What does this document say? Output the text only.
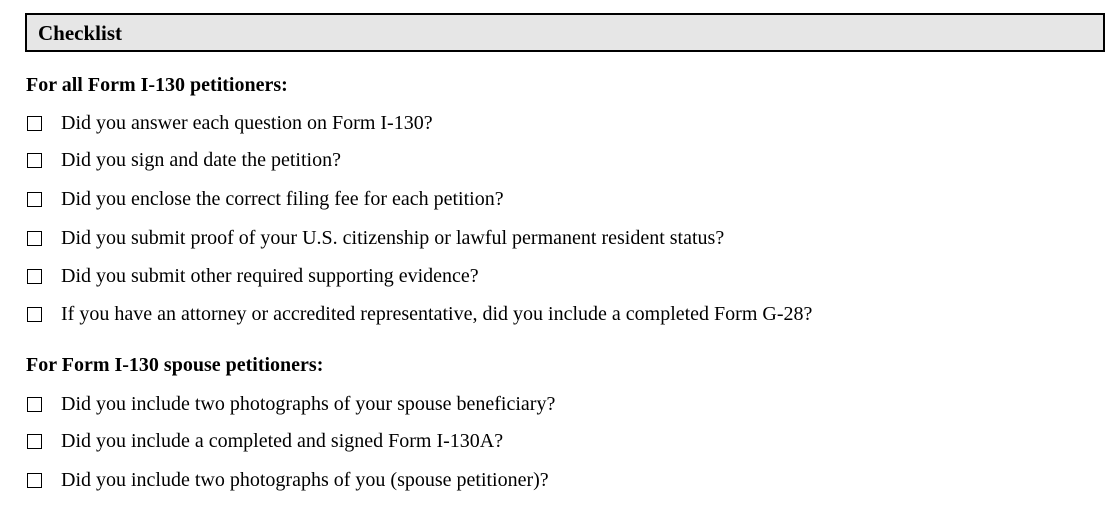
Checklist
For all Form I-130 petitioners:
Did you answer each question on Form I-130?
Did you sign and date the petition?
Did you enclose the correct filing fee for each petition?
Did you submit proof of your U.S. citizenship or lawful permanent resident status?
Did you submit other required supporting evidence?
If you have an attorney or accredited representative, did you include a completed Form G-28?
For Form I-130 spouse petitioners:
Did you include two photographs of your spouse beneficiary?
Did you include a completed and signed Form I-130A?
Did you include two photographs of you (spouse petitioner)?
